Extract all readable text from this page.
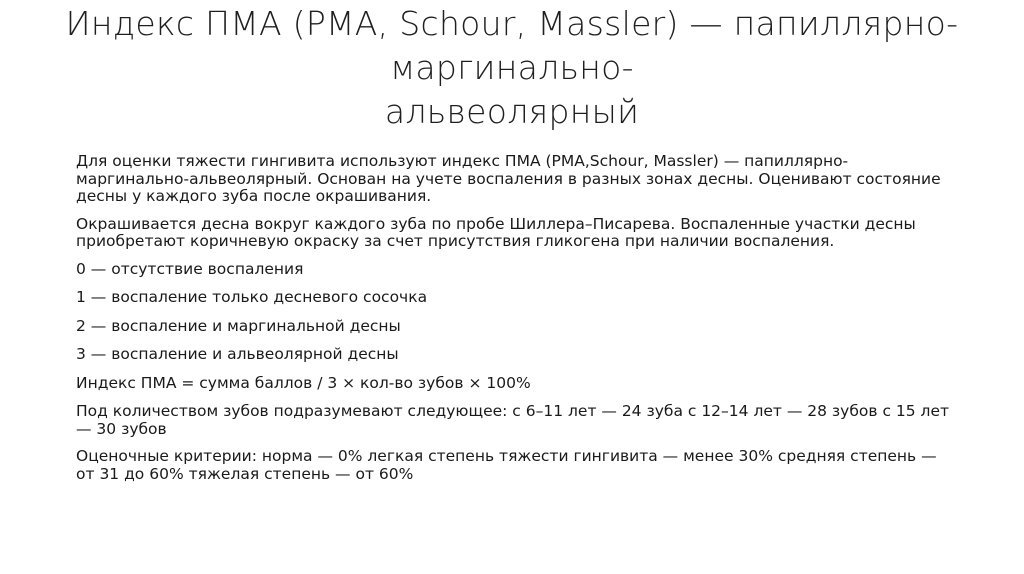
Индекс ПМА (PMA, Schour, Massler) — папиллярно-
маргинально-
альвеолярный

Для оценки тяжести гингивита используют индекс ПМА (PMA,Schour, Massler) — папиллярно-маргинально-альвеолярный. Основан на учете воспаления в разных зонах десны. Оценивают состояние десны у каждого зуба после окрашивания.

Окрашивается десна вокруг каждого зуба по пробе Шиллера–Писарева. Воспаленные участки десны приобретают коричневую окраску за счет присутствия гликогена при наличии воспаления.

0 — отсутствие воспаления

1 — воспаление только десневого сосочка

2 — воспаление и маргинальной десны

3 — воспаление и альвеолярной десны

Индекс ПМА = сумма баллов / 3 × кол-во зубов × 100%

Под количеством зубов подразумевают следующее: с 6–11 лет — 24 зуба с 12–14 лет — 28 зубов с 15 лет — 30 зубов

Оценочные критерии: норма — 0% легкая степень тяжести гингивита — менее 30% средняя степень — от 31 до 60% тяжелая степень — от 60%
